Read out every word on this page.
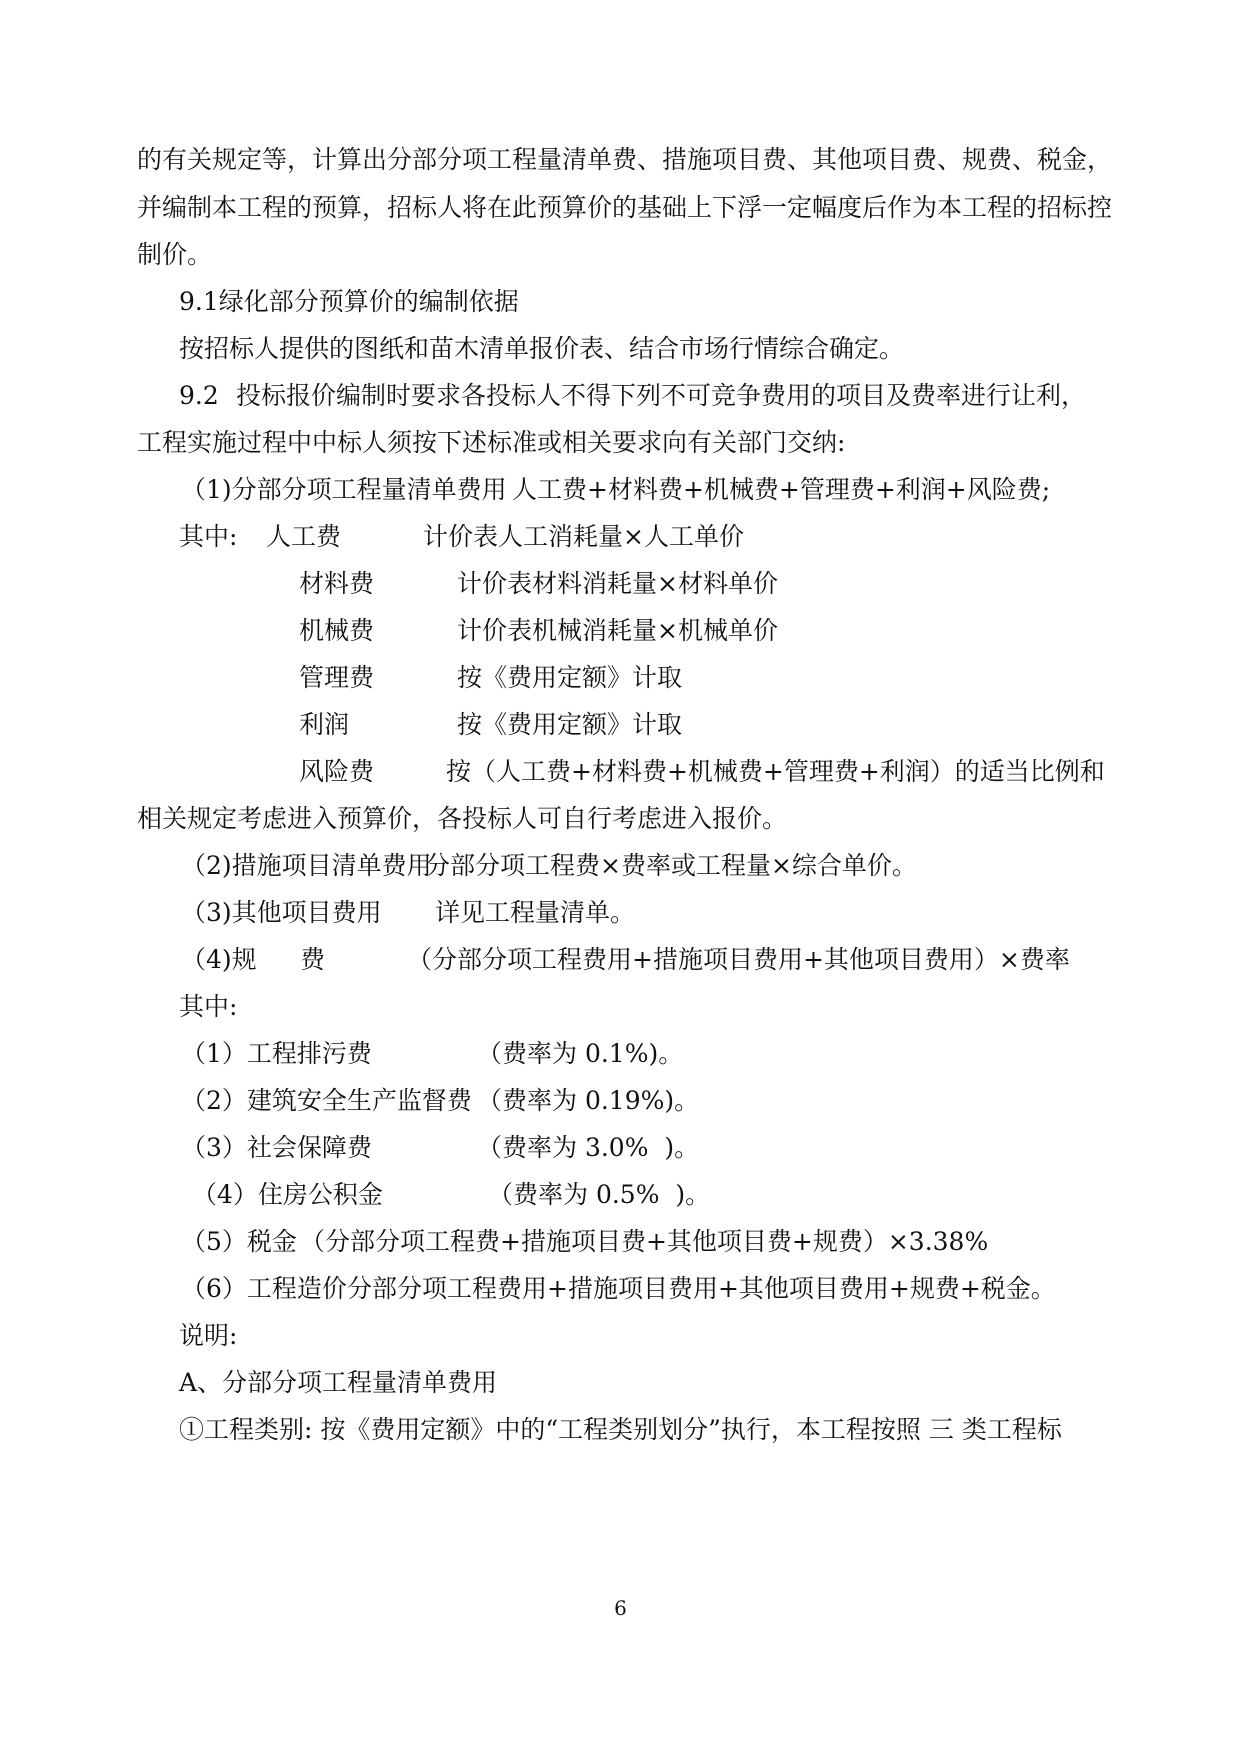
的有关规定等，计算出分部分项工程量清单费、措施项目费、其他项目费、规费、税金，
并编制本工程的预算，招标人将在此预算价的基础上下浮一定幅度后作为本工程的招标控
制价。
9.1绿化部分预算价的编制依据
按招标人提供的图纸和苗木清单报价表、结合市场行情综合确定。
9.2 投标报价编制时要求各投标人不得下列不可竞争费用的项目及费率进行让利，
工程实施过程中中标人须按下述标准或相关要求向有关部门交纳:
（1)分部分项工程量清单费用 人工费+材料费+机械费+管理费+利润+风险费;
其中: 人工费	计价表人工消耗量×人工单价
材料费	计价表材料消耗量×材料单价
机械费	计价表机械消耗量×机械单价
管理费	按《费用定额》计取
利润	按《费用定额》计取
风险费	按（人工费+材料费+机械费+管理费+利润）的适当比例和
相关规定考虑进入预算价，各投标人可自行考虑进入报价。
（2)措施项目清单费用
分部分项工程费×费率或工程量×综合单价。
（3)其他项目费用 详见工程量清单。
（4)规 费	（分部分项工程费用+措施项目费用+其他项目费用）×费率
其中:
（1）工程排污费	（费率为 0.1%)。
（2）建筑安全生产监督费 （费率为 0.19%)。
（3）社会保障费	（费率为 3.0%  )。
（4）住房公积金	（费率为 0.5%  )。
（5）税金 （分部分项工程费+措施项目费+其他项目费+规费）×3.38%
（6）工程造价 分部分项工程费用+措施项目费用+其他项目费用+规费+税金。
说明:
A、分部分项工程量清单费用
①工程类别: 按《费用定额》中的“工程类别划分”执行，本工程按照 三 类工程标
6
